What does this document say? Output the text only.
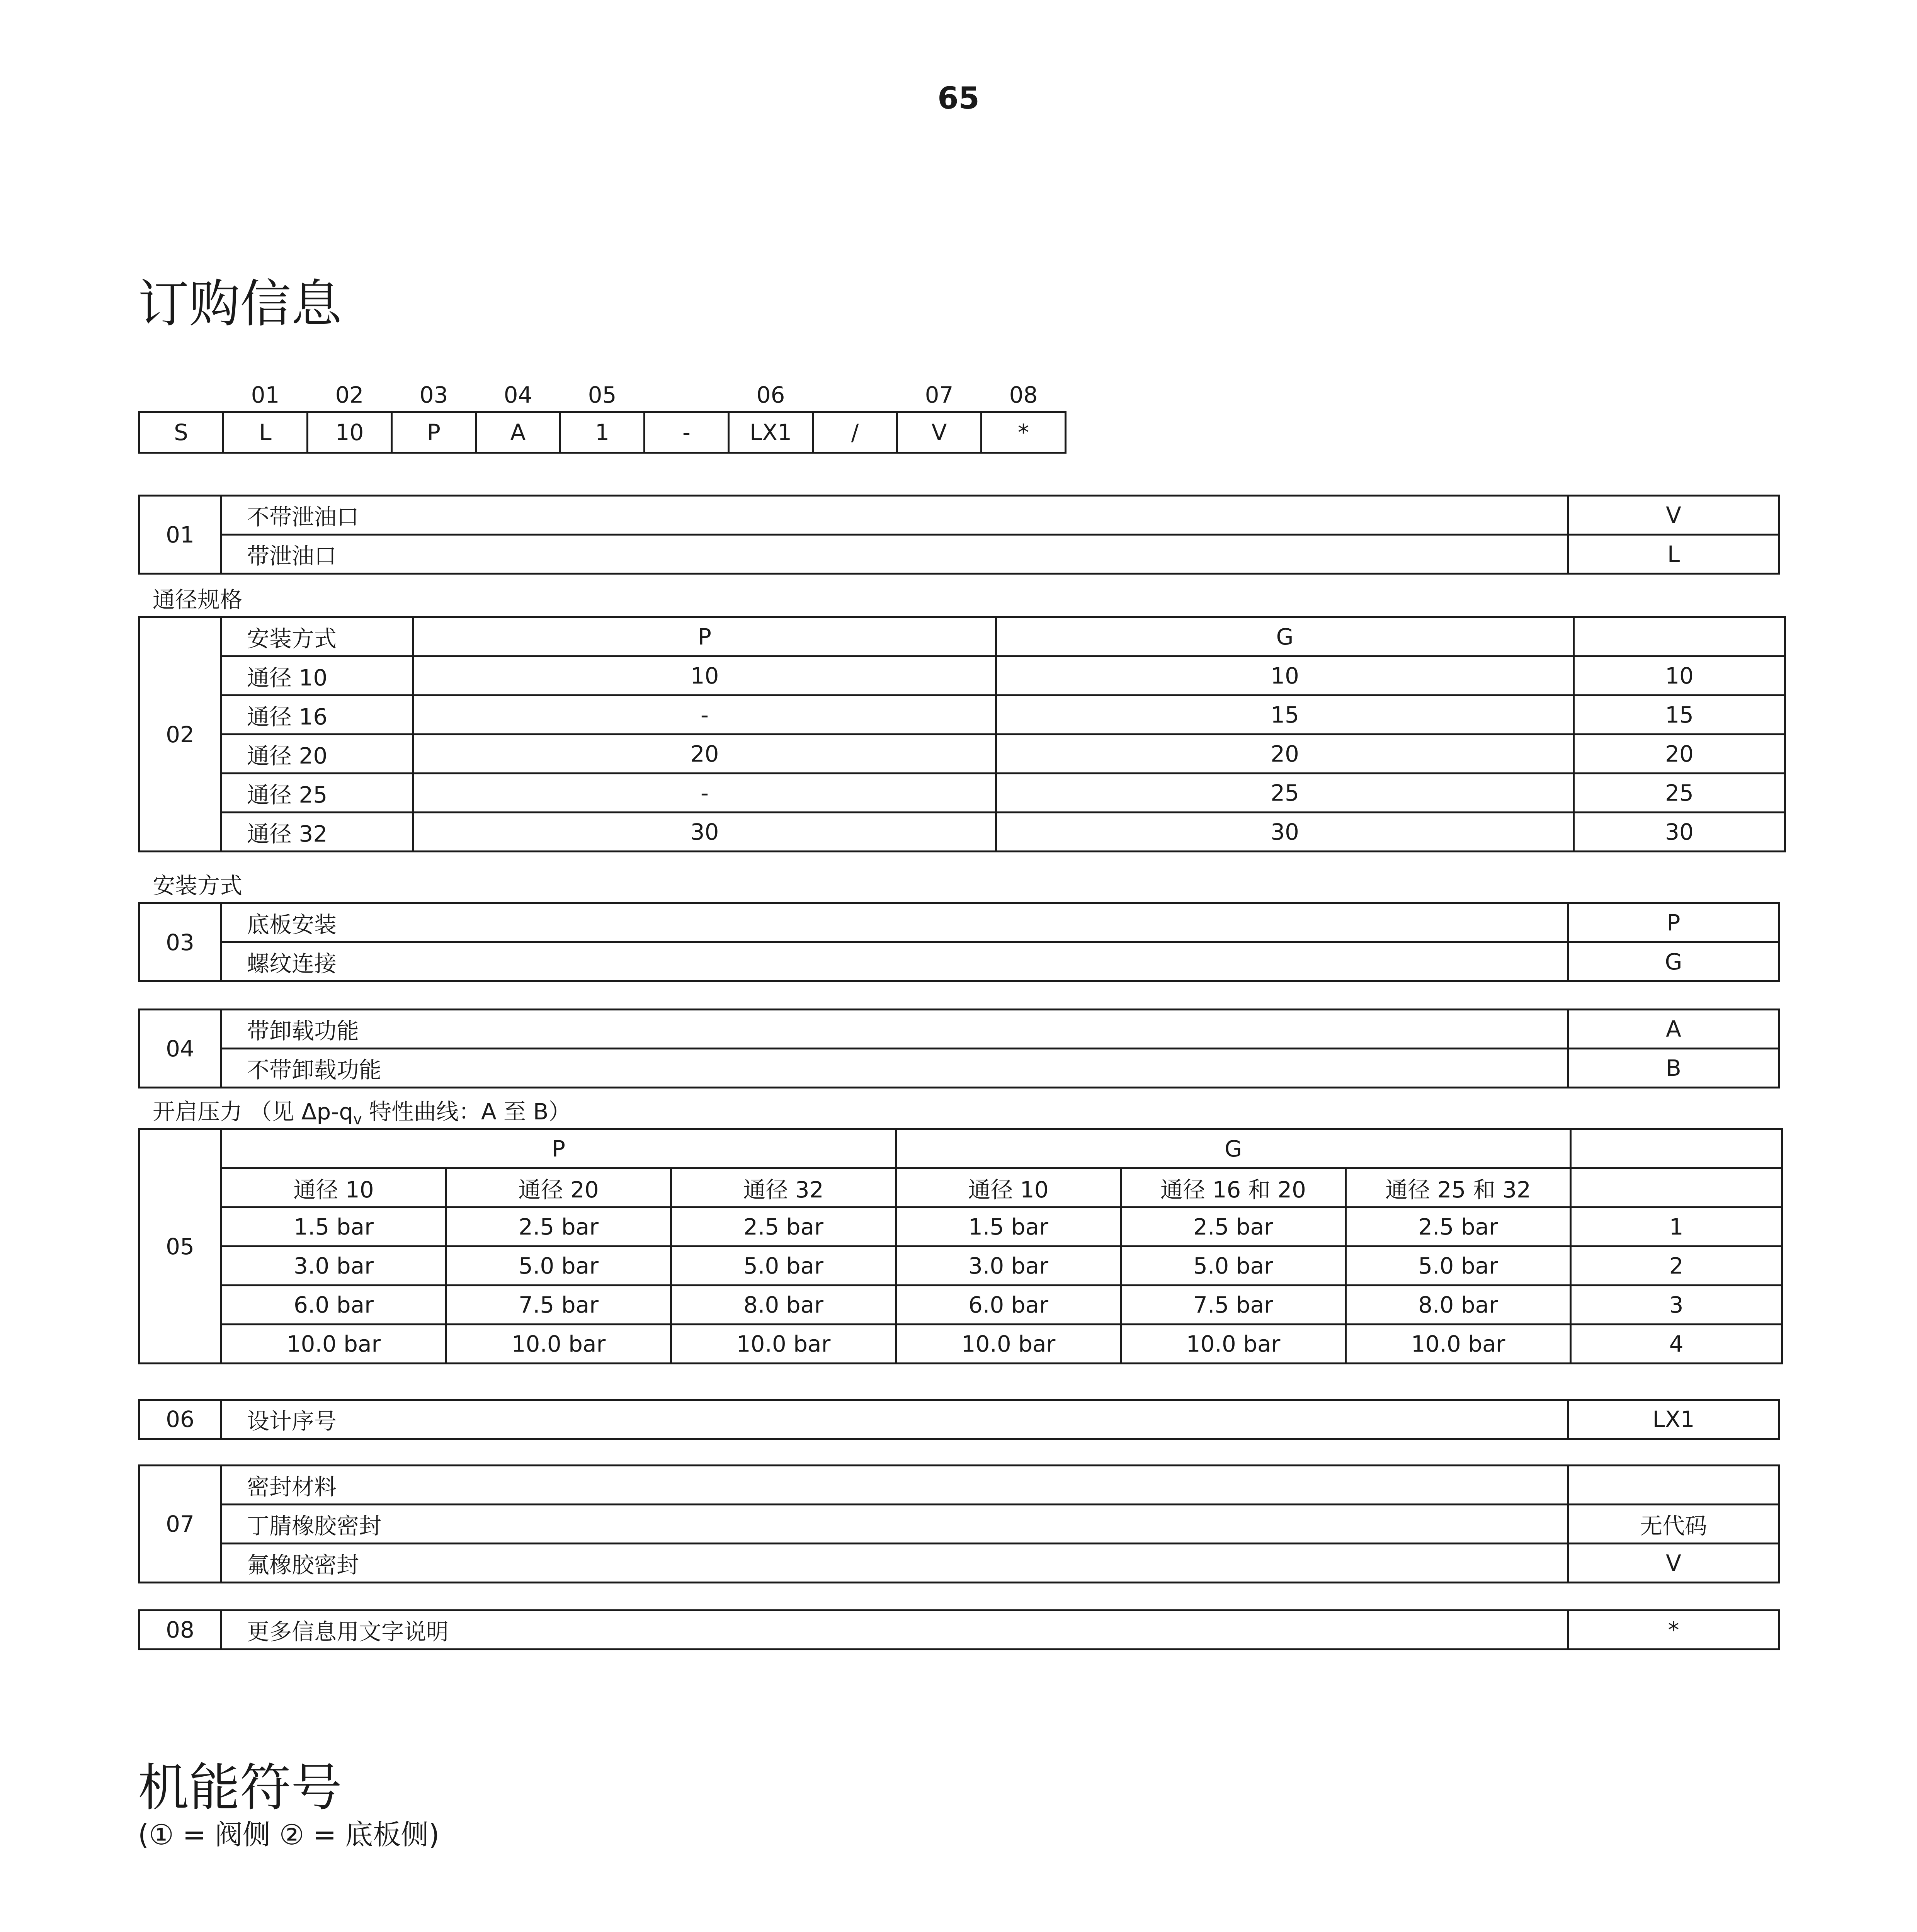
65
订购信息
	01	02	03	04	05		06		07	08
S	L	10	P	A	1	-	LX1	/	V	*
01	不带泄油口	V
	带泄油口	L
通径规格
02	安装方式	P	G	
	通径 10	10	10	10
	通径 16	-	15	15
	通径 20	20	20	20
	通径 25	-	25	25
	通径 32	30	30	30
安装方式
03	底板安装	P
	螺纹连接	G
04	带卸载功能	A
	不带卸载功能	B
开启压力 （见 $\Delta p-q_v$ 特性曲线：A 至 B）
05	P			G			
	通径 10	通径 20	通径 32	通径 10	通径 16 和 20	通径 25 和 32	
	1.5 bar	2.5 bar	2.5 bar	1.5 bar	2.5 bar	2.5 bar	1
	3.0 bar	5.0 bar	5.0 bar	3.0 bar	5.0 bar	5.0 bar	2
	6.0 bar	7.5 bar	8.0 bar	6.0 bar	7.5 bar	8.0 bar	3
	10.0 bar	10.0 bar	10.0 bar	10.0 bar	10.0 bar	10.0 bar	4
06	设计序号	LX1
07	密封材料	
	丁腈橡胶密封	无代码
	氟橡胶密封	V
08	更多信息用文字说明	*
机能符号
(① = 阀侧 ② = 底板侧)
